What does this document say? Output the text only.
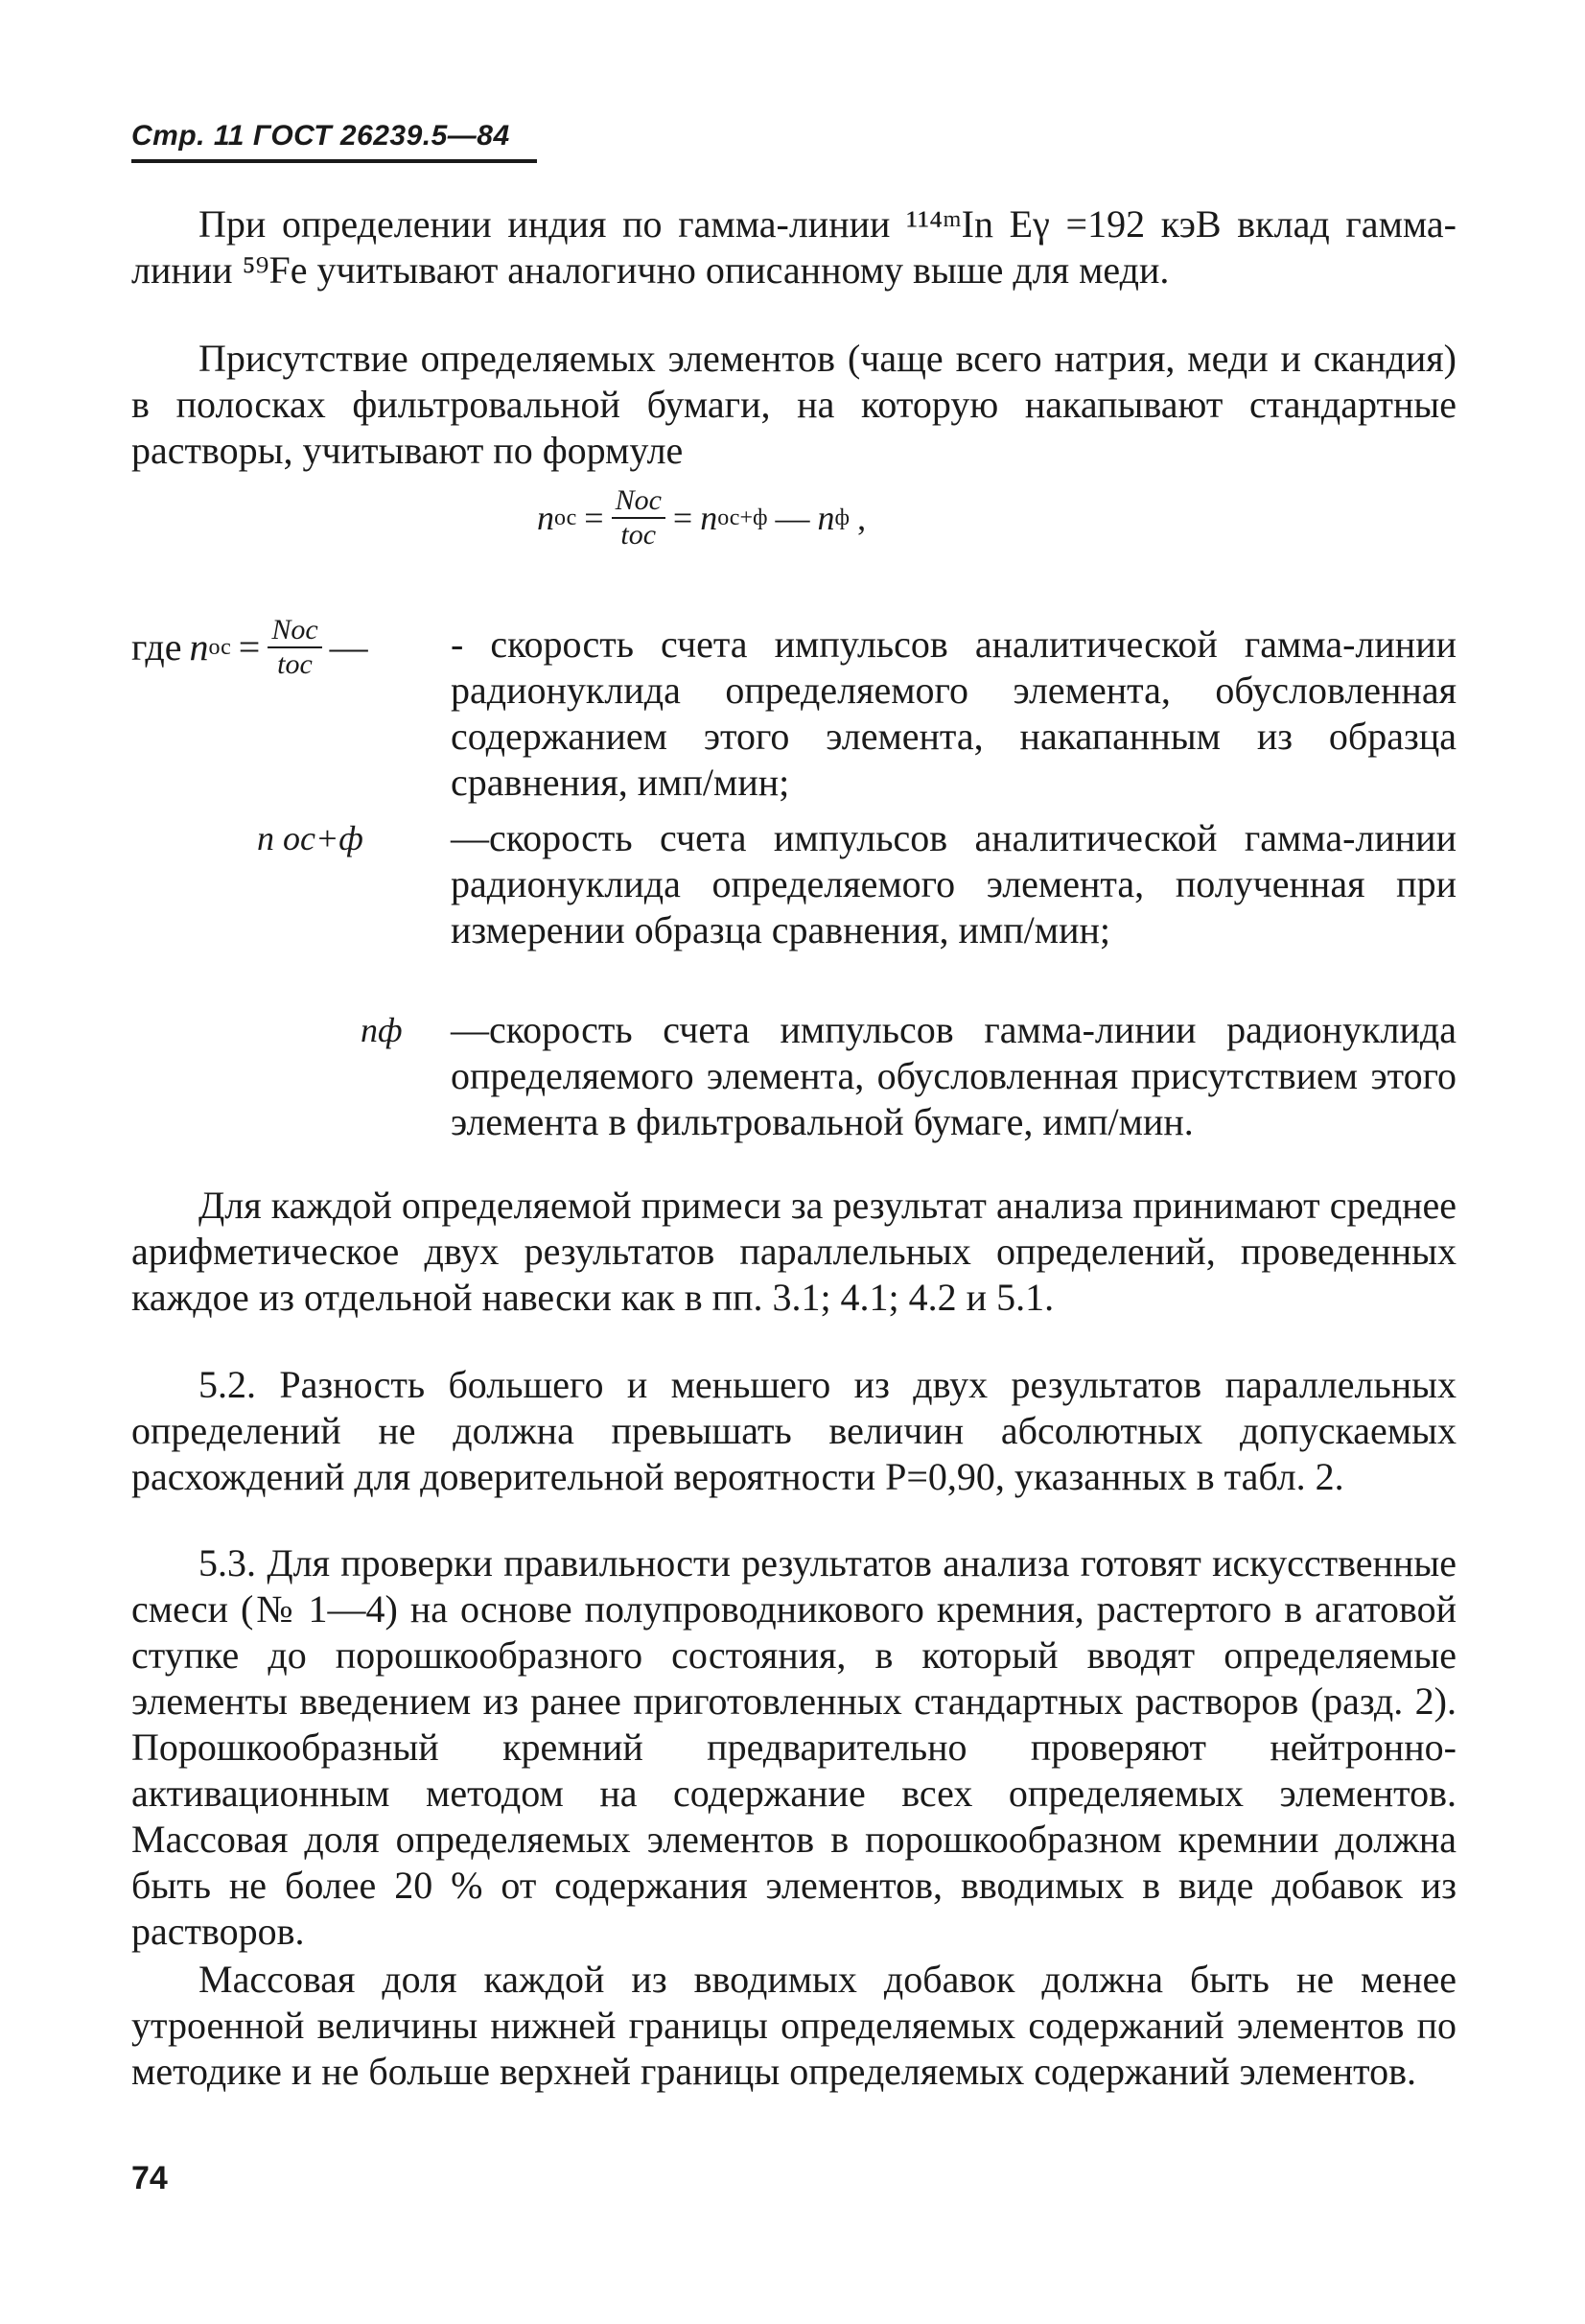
Стр. 11 ГОСТ 26239.5—84
При определении индия по гамма-линии ¹¹⁴ᵐIn Eγ =192 кэВ вклад гамма-линии ⁵⁹Fe учитывают аналогично описанному выше для меди.
Присутствие определяемых элементов (чаще всего натрия, меди и скандия) в полосках фильтровальной бумаги, на которую накапывают стандартные растворы, учитывают по формуле
n ос = $\frac{\text{Nос}}{\text{tос}} = n$ ос+ф — n ф ,
где n ос = $\frac{\text{Nос}}{\text{tос}}$ — - скорость счета импульсов аналитической гамма-линии радионуклида определяемого элемента, обусловленная содержанием этого элемента, накапанным из образца сравнения, имп/мин;
n ос+ф —скорость счета импульсов аналитической гамма-линии радионуклида определяемого элемента, полученная при измерении образца сравнения, имп/мин;
nф —скорость счета импульсов гамма-линии радионуклида определяемого элемента, обусловленная присутствием этого элемента в фильтровальной бумаге, имп/мин.
Для каждой определяемой примеси за результат анализа принимают среднее арифметическое двух результатов параллельных определений, проведенных каждое из отдельной навески как в пп. 3.1; 4.1; 4.2 и 5.1.
5.2. Разность большего и меньшего из двух результатов параллельных определений не должна превышать величин абсолютных допускаемых расхождений для доверительной вероятности P=0,90, указанных в табл. 2.
5.3. Для проверки правильности результатов анализа готовят искусственные смеси (№ 1—4) на основе полупроводникового кремния, растертого в агатовой ступке до порошкообразного состояния, в который вводят определяемые элементы введением из ранее приготовленных стандартных растворов (разд. 2). Порошкообразный кремний предварительно проверяют нейтронно-активационным методом на содержание всех определяемых элементов. Массовая доля определяемых элементов в порошкообразном кремнии должна быть не более 20 % от содержания элементов, вводимых в виде добавок из растворов.
Массовая доля каждой из вводимых добавок должна быть не менее утроенной величины нижней границы определяемых содержаний элементов по методике и не больше верхней границы определяемых содержаний элементов.
74
